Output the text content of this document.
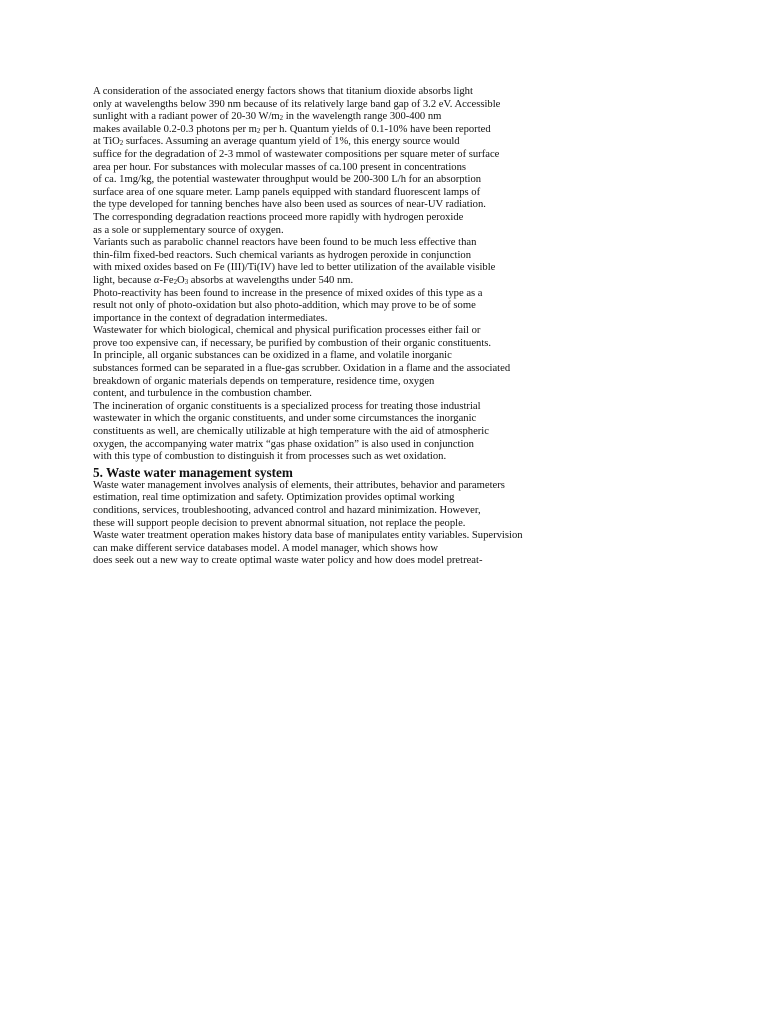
A consideration of the associated energy factors shows that titanium dioxide absorbs light
only at wavelengths below 390 nm because of its relatively large band gap of 3.2 eV. Accessible
sunlight with a radiant power of 20-30 $W/m_2$ in the wavelength range 300-400 nm
makes available 0.2-0.3 photons per $m_2$ per h. Quantum yields of 0.1-10% have been reported
at TiO$_2$ surfaces. Assuming an average quantum yield of 1%, this energy source would
suffice for the degradation of 2-3 mmol of wastewater compositions per square meter of surface
area per hour. For substances with molecular masses of ca.100 present in concentrations
of ca. 1mg/kg, the potential wastewater throughput would be 200-300 L/h for an absorption
surface area of one square meter. Lamp panels equipped with standard fluorescent lamps of
the type developed for tanning benches have also been used as sources of near-UV radiation.
The corresponding degradation reactions proceed more rapidly with hydrogen peroxide
as a sole or supplementary source of oxygen.
Variants such as parabolic channel reactors have been found to be much less effective than
thin-film fixed-bed reactors. Such chemical variants as hydrogen peroxide in conjunction
with mixed oxides based on Fe (III)/Ti(IV) have led to better utilization of the available visible
light, because $\alpha-Fe_2O_3$ absorbs at wavelengths under 540 nm.
Photo-reactivity has been found to increase in the presence of mixed oxides of this type as a
result not only of photo-oxidation but also photo-addition, which may prove to be of some
importance in the context of degradation intermediates.
Wastewater for which biological, chemical and physical purification processes either fail or
prove too expensive can, if necessary, be purified by combustion of their organic constituents.
In principle, all organic substances can be oxidized in a flame, and volatile inorganic
substances formed can be separated in a flue-gas scrubber. Oxidation in a flame and the associated
breakdown of organic materials depends on temperature, residence time, oxygen
content, and turbulence in the combustion chamber.
The incineration of organic constituents is a specialized process for treating those industrial
wastewater in which the organic constituents, and under some circumstances the inorganic
constituents as well, are chemically utilizable at high temperature with the aid of atmospheric
oxygen, the accompanying water matrix “gas phase oxidation” is also used in conjunction
with this type of combustion to distinguish it from processes such as wet oxidation.
5. Waste water management system
Waste water management involves analysis of elements, their attributes, behavior and parameters
estimation, real time optimization and safety. Optimization provides optimal working
conditions, services, troubleshooting, advanced control and hazard minimization. However,
these will support people decision to prevent abnormal situation, not replace the people.
Waste water treatment operation makes history data base of manipulates entity variables. Supervision
can make different service databases model. A model manager, which shows how
does seek out a new way to create optimal waste water policy and how does model pretreat-
